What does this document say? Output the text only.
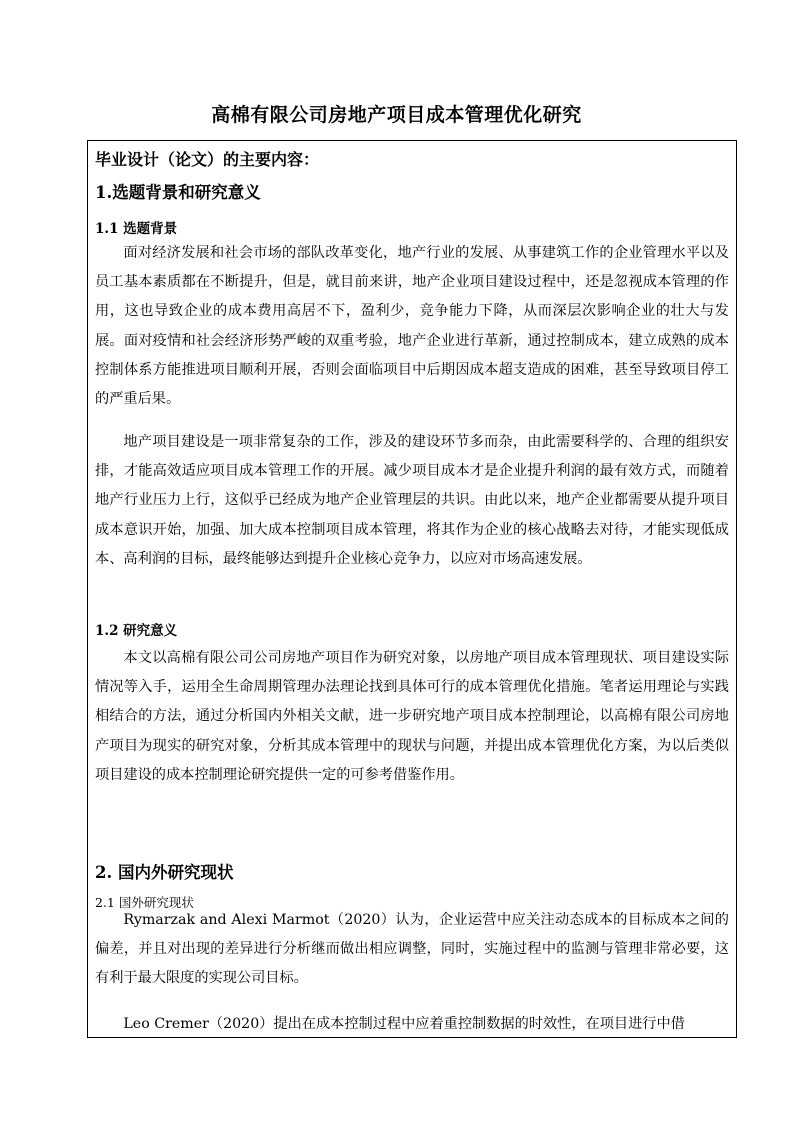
高棉有限公司房地产项目成本管理优化研究
毕业设计（论文）的主要内容：
1.选题背景和研究意义
1.1 选题背景

面对经济发展和社会市场的部队改革变化，地产行业的发展、从事建筑工作的企业管理水平以及员工基本素质都在不断提升，但是，就目前来讲，地产企业项目建设过程中，还是忽视成本管理的作用，这也导致企业的成本费用高居不下，盈利少，竞争能力下降，从而深层次影响企业的壮大与发展。面对疫情和社会经济形势严峻的双重考验，地产企业进行革新，通过控制成本，建立成熟的成本控制体系方能推进项目顺利开展，否则会面临项目中后期因成本超支造成的困难，甚至导致项目停工的严重后果。

地产项目建设是一项非常复杂的工作，涉及的建设环节多而杂，由此需要科学的、合理的组织安排，才能高效适应项目成本管理工作的开展。减少项目成本才是企业提升利润的最有效方式，而随着地产行业压力上行，这似乎已经成为地产企业管理层的共识。由此以来，地产企业都需要从提升项目成本意识开始，加强、加大成本控制项目成本管理，将其作为企业的核心战略去对待，才能实现低成本、高利润的目标，最终能够达到提升企业核心竞争力，以应对市场高速发展。

1.2 研究意义

本文以高棉有限公司公司房地产项目作为研究对象，以房地产项目成本管理现状、项目建设实际情况等入手，运用全生命周期管理办法理论找到具体可行的成本管理优化措施。笔者运用理论与实践相结合的方法，通过分析国内外相关文献，进一步研究地产项目成本控制理论，以高棉有限公司房地产项目为现实的研究对象，分析其成本管理中的现状与问题，并提出成本管理优化方案，为以后类似项目建设的成本控制理论研究提供一定的可参考借鉴作用。

2. 国内外研究现状
2.1 国外研究现状

Rymarzak and Alexi Marmot（2020）认为，企业运营中应关注动态成本的目标成本之间的偏差，并且对出现的差异进行分析继而做出相应调整，同时，实施过程中的监测与管理非常必要，这有利于最大限度的实现公司目标。

Leo Cremer（2020）提出在成本控制过程中应着重控制数据的时效性，在项目进行中借
